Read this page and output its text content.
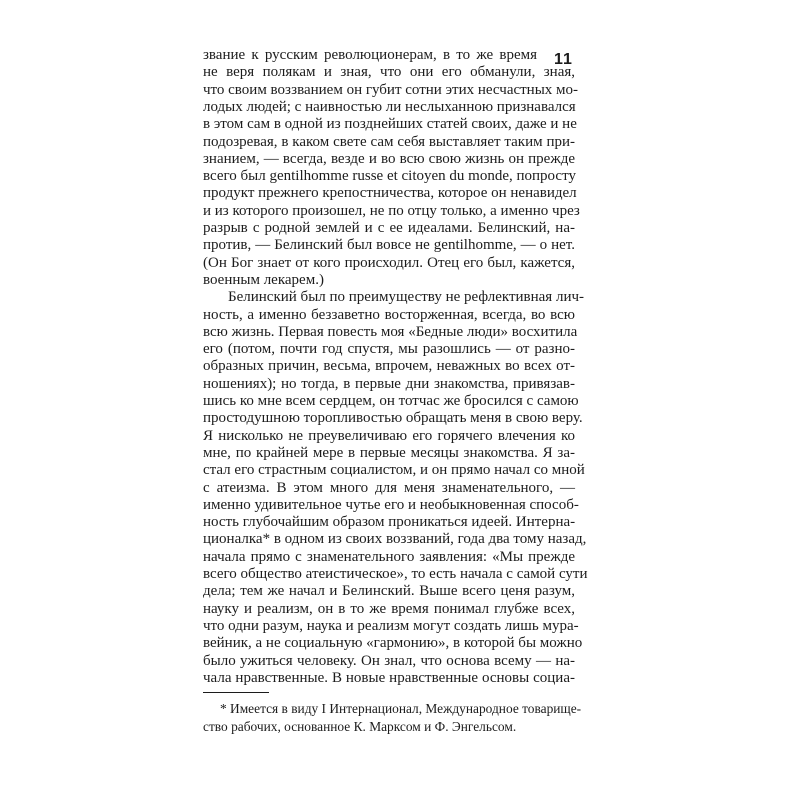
11
звание к русским революционерам, в то же время
не веря полякам и зная, что они его обманули, зная,
что своим воззванием он губит сотни этих несчастных мо-
лодых людей; с наивностью ли неслыханною признавался
в этом сам в одной из позднейших статей своих, даже и не
подозревая, в каком свете сам себя выставляет таким при-
знанием, — всегда, везде и во всю свою жизнь он прежде
всего был gentilhomme russe et citoyen du monde, попросту
продукт прежнего крепостничества, которое он ненавидел
и из которого произошел, не по отцу только, а именно чрез
разрыв с родной землей и с ее идеалами. Белинский, на-
против, — Белинский был вовсе не gentilhomme, — о нет.
(Он Бог знает от кого происходил. Отец его был, кажется,
военным лекарем.)
Белинский был по преимуществу не рефлективная лич-
ность, а именно беззаветно восторженная, всегда, во всю
всю жизнь. Первая повесть моя «Бедные люди» восхитила
его (потом, почти год спустя, мы разошлись — от разно-
образных причин, весьма, впрочем, неважных во всех от-
ношениях); но тогда, в первые дни знакомства, привязав-
шись ко мне всем сердцем, он тотчас же бросился с самою
простодушною торопливостью обращать меня в свою веру.
Я нисколько не преувеличиваю его горячего влечения ко
мне, по крайней мере в первые месяцы знакомства. Я за-
стал его страстным социалистом, и он прямо начал со мной
с атеизма. В этом много для меня знаменательного, —
именно удивительное чутье его и необыкновенная способ-
ность глубочайшим образом проникаться идеей. Интерна-
ционалка* в одном из своих воззваний, года два тому назад,
начала прямо с знаменательного заявления: «Мы прежде
всего общество атеистическое», то есть начала с самой сути
дела; тем же начал и Белинский. Выше всего ценя разум,
науку и реализм, он в то же время понимал глубже всех,
что одни разум, наука и реализм могут создать лишь мура-
вейник, а не социальную «гармонию», в которой бы можно
было ужиться человеку. Он знал, что основа всему — на-
чала нравственные. В новые нравственные основы социа-
* Имеется в виду I Интернационал, Международное товарище-
ство рабочих, основанное К. Марксом и Ф. Энгельсом.
